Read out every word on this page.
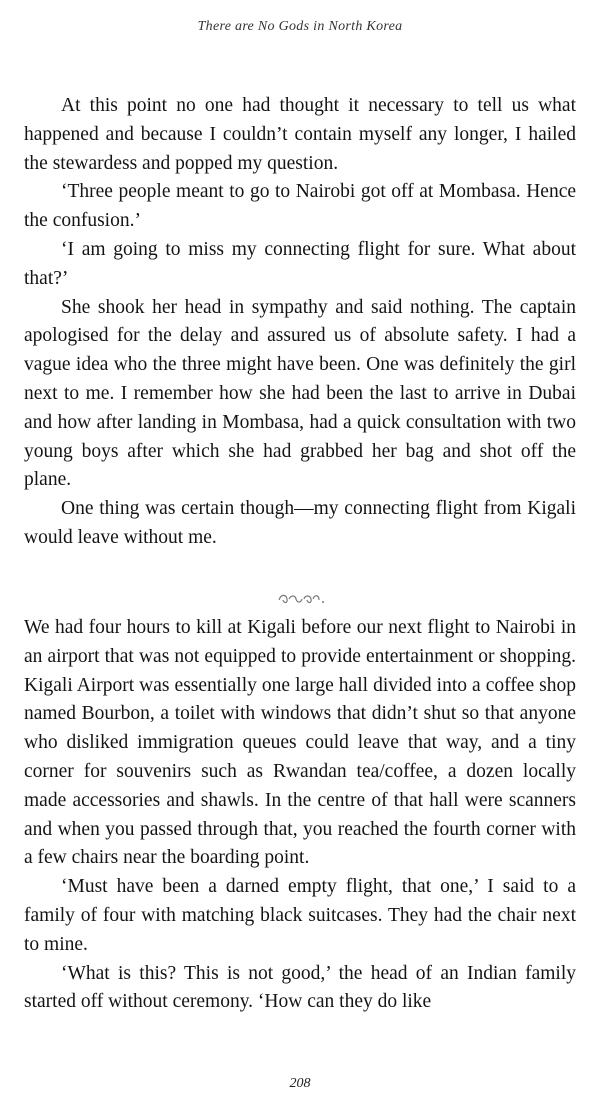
There are No Gods in North Korea

At this point no one had thought it necessary to tell us what happened and because I couldn’t contain myself any longer, I hailed the stewardess and popped my question.

‘Three people meant to go to Nairobi got off at Mombasa. Hence the confusion.’

‘I am going to miss my connecting flight for sure. What about that?’

She shook her head in sympathy and said nothing. The captain apologised for the delay and assured us of absolute safety. I had a vague idea who the three might have been. One was definitely the girl next to me. I remember how she had been the last to arrive in Dubai and how after landing in Mombasa, had a quick consultation with two young boys after which she had grabbed her bag and shot off the plane.

One thing was certain though—my connecting flight from Kigali would leave without me.

We had four hours to kill at Kigali before our next flight to Nairobi in an airport that was not equipped to provide entertainment or shopping. Kigali Airport was essentially one large hall divided into a coffee shop named Bourbon, a toilet with windows that didn’t shut so that anyone who disliked immigration queues could leave that way, and a tiny corner for souvenirs such as Rwandan tea/coffee, a dozen locally made accessories and shawls. In the centre of that hall were scanners and when you passed through that, you reached the fourth corner with a few chairs near the boarding point.

‘Must have been a darned empty flight, that one,’ I said to a family of four with matching black suitcases. They had the chair next to mine.

‘What is this? This is not good,’ the head of an Indian family started off without ceremony. ‘How can they do like

208
